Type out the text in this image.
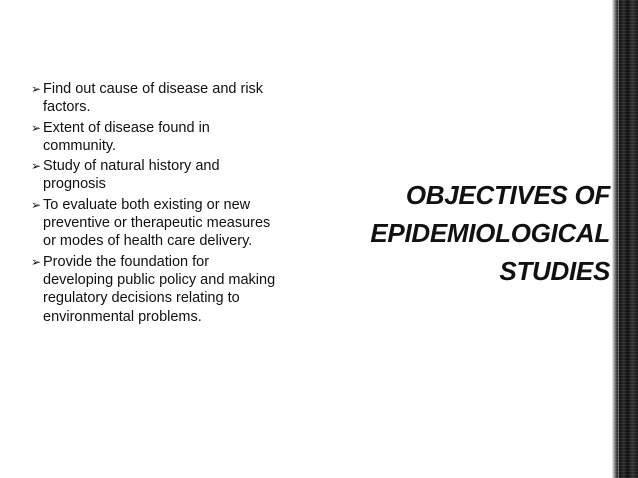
➢ Find out cause of disease and risk factors.
➢ Extent of disease found in community.
➢ Study of natural history and prognosis
➢ To evaluate both existing or new preventive or therapeutic measures or modes of health care delivery.
➢ Provide the foundation for developing public policy and making regulatory decisions relating to environmental problems.
OBJECTIVES OF
EPIDEMIOLOGICAL
STUDIES
